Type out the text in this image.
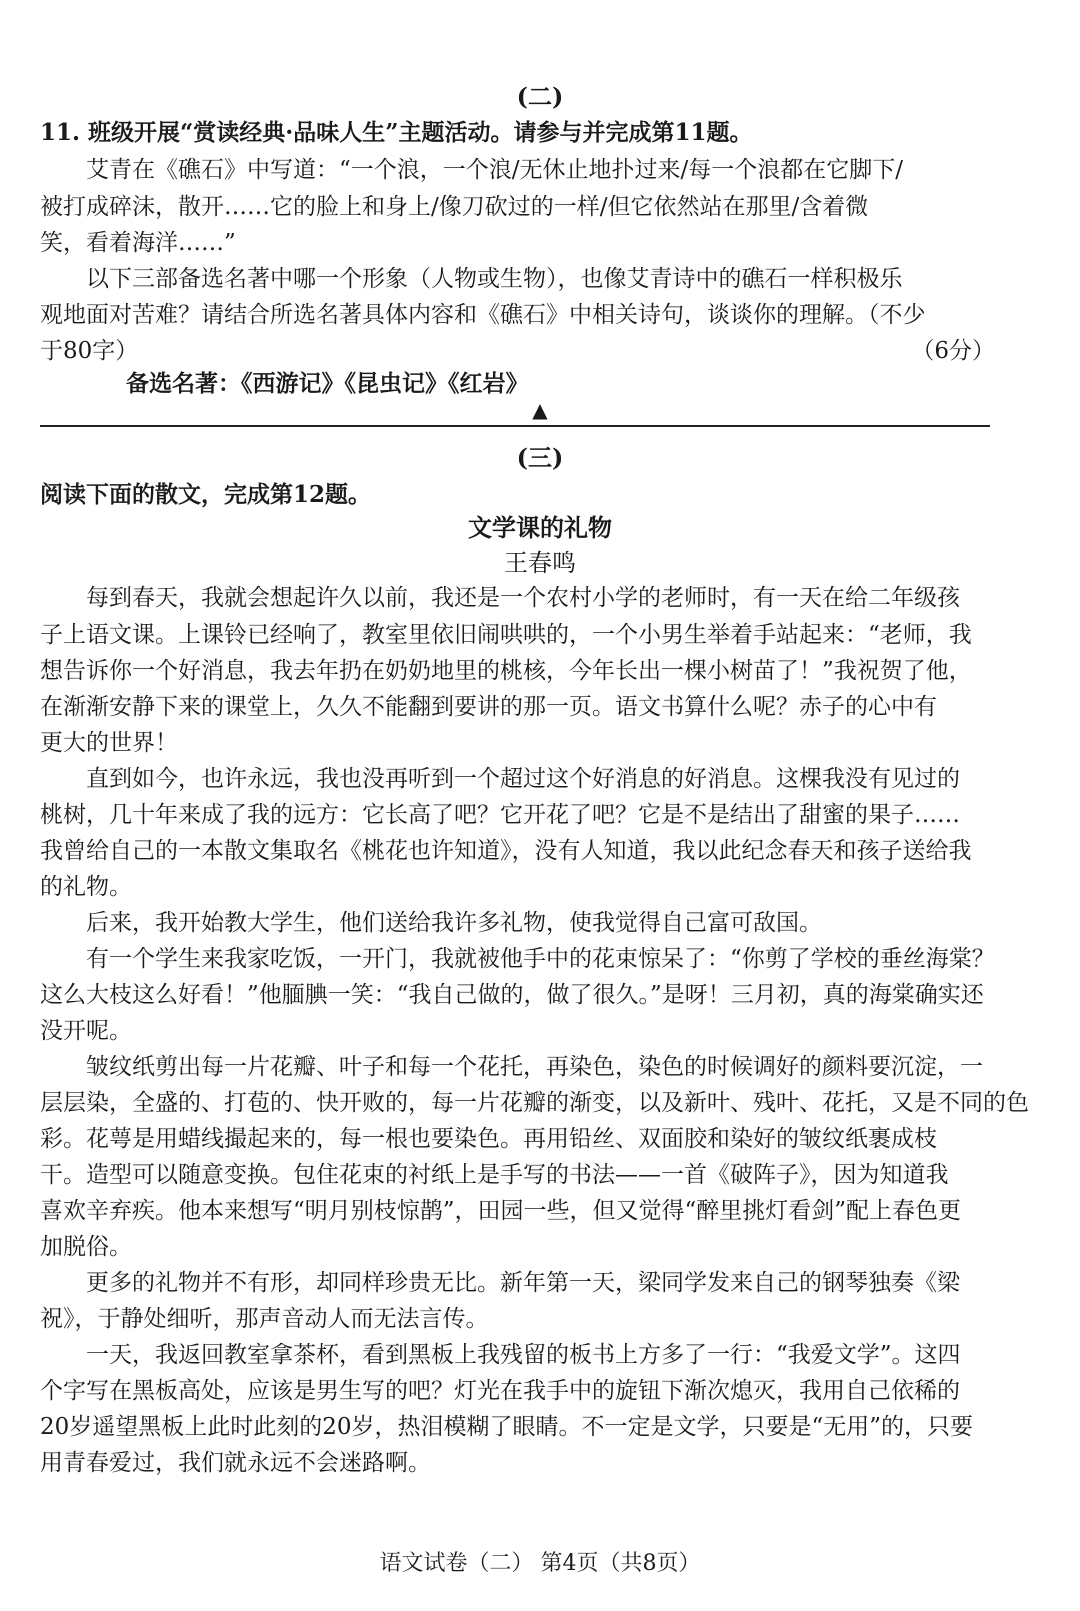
(二)
11. 班级开展“赏读经典·品味人生”主题活动。请参与并完成第11题。
艾青在《礁石》中写道：“一个浪，一个浪/无休止地扑过来/每一个浪都在它脚下/
被打成碎沫，散开……它的脸上和身上/像刀砍过的一样/但它依然站在那里/含着微
笑，看着海洋……”
以下三部备选名著中哪一个形象（人物或生物），也像艾青诗中的礁石一样积极乐
观地面对苦难？请结合所选名著具体内容和《礁石》中相关诗句，谈谈你的理解。（不少
于80字）	（6分）
备选名著：《西游记》《昆虫记》《红岩》
▲
(三)
阅读下面的散文，完成第12题。
文学课的礼物
王春鸣
每到春天，我就会想起许久以前，我还是一个农村小学的老师时，有一天在给二年级孩
子上语文课。上课铃已经响了，教室里依旧闹哄哄的，一个小男生举着手站起来：“老师，我
想告诉你一个好消息，我去年扔在奶奶地里的桃核，今年长出一棵小树苗了！”我祝贺了他，
在渐渐安静下来的课堂上，久久不能翻到要讲的那一页。语文书算什么呢？赤子的心中有
更大的世界！
直到如今，也许永远，我也没再听到一个超过这个好消息的好消息。这棵我没有见过的
桃树，几十年来成了我的远方：它长高了吧？它开花了吧？它是不是结出了甜蜜的果子……
我曾给自己的一本散文集取名《桃花也许知道》，没有人知道，我以此纪念春天和孩子送给我
的礼物。
后来，我开始教大学生，他们送给我许多礼物，使我觉得自己富可敌国。
有一个学生来我家吃饭，一开门，我就被他手中的花束惊呆了：“你剪了学校的垂丝海棠？
这么大枝这么好看！”他腼腆一笑：“我自己做的，做了很久。”是呀！三月初，真的海棠确实还
没开呢。
皱纹纸剪出每一片花瓣、叶子和每一个花托，再染色，染色的时候调好的颜料要沉淀，一
层层染，全盛的、打苞的、快开败的，每一片花瓣的渐变，以及新叶、残叶、花托，又是不同的色
彩。花萼是用蜡线撮起来的，每一根也要染色。再用铅丝、双面胶和染好的皱纹纸裹成枝
干。造型可以随意变换。包住花束的衬纸上是手写的书法——一首《破阵子》，因为知道我
喜欢辛弃疾。他本来想写“明月别枝惊鹊”，田园一些，但又觉得“醉里挑灯看剑”配上春色更
加脱俗。
更多的礼物并不有形，却同样珍贵无比。新年第一天，梁同学发来自己的钢琴独奏《梁
祝》，于静处细听，那声音动人而无法言传。
一天，我返回教室拿茶杯，看到黑板上我残留的板书上方多了一行：“我爱文学”。这四
个字写在黑板高处，应该是男生写的吧？灯光在我手中的旋钮下渐次熄灭，我用自己依稀的
20岁遥望黑板上此时此刻的20岁，热泪模糊了眼睛。不一定是文学，只要是“无用”的，只要
用青春爱过，我们就永远不会迷路啊。
语文试卷（二） 第4页（共8页）
